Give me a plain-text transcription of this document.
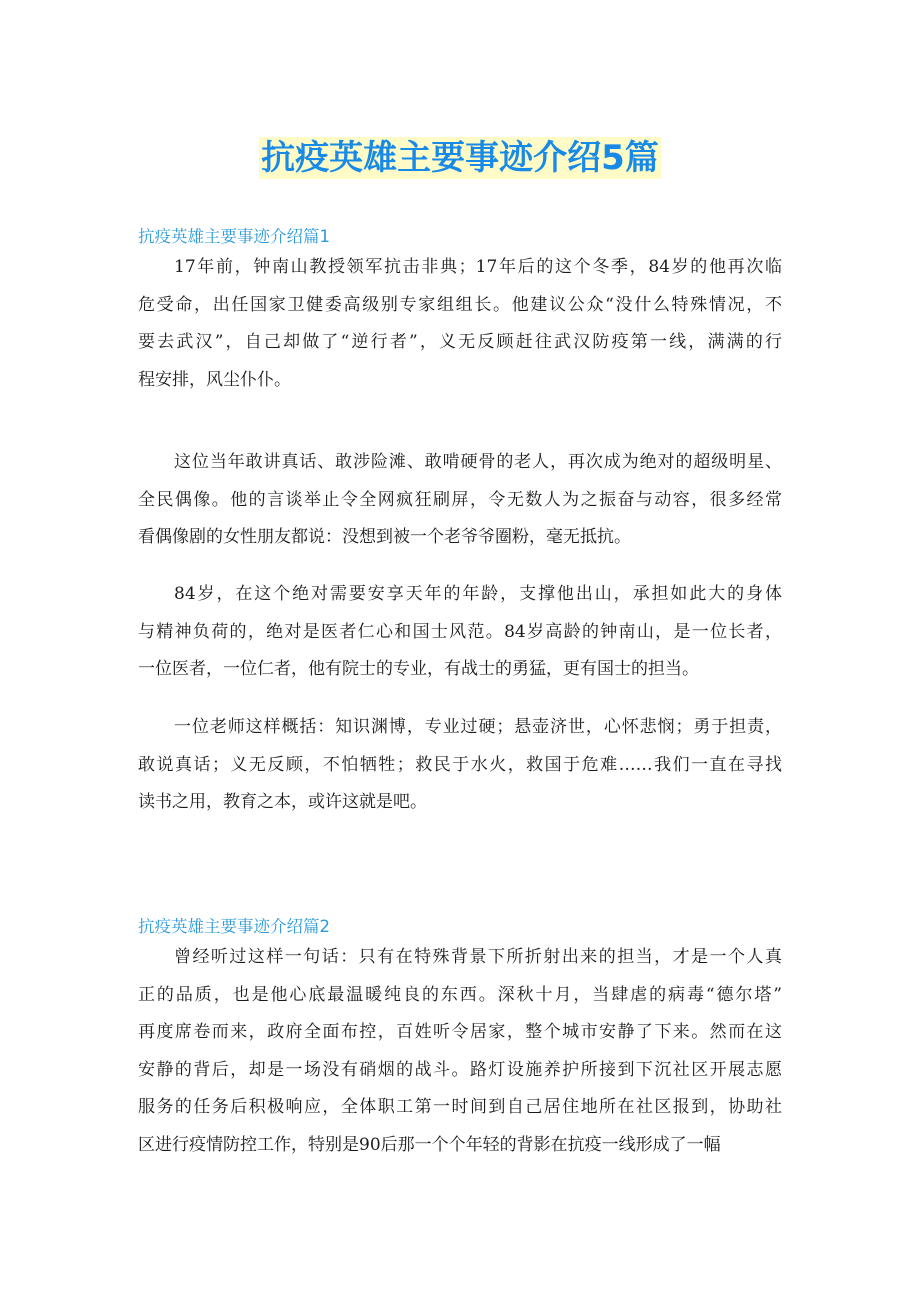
抗疫英雄主要事迹介绍5篇
抗疫英雄主要事迹介绍篇1
17年前，钟南山教授领军抗击非典；17年后的这个冬季，84岁的他再次临
危受命，出任国家卫健委高级别专家组组长。他建议公众“没什么特殊情况，不
要去武汉”，自己却做了“逆行者”，义无反顾赶往武汉防疫第一线，满满的行
程安排，风尘仆仆。
这位当年敢讲真话、敢涉险滩、敢啃硬骨的老人，再次成为绝对的超级明星、
全民偶像。他的言谈举止令全网疯狂刷屏，令无数人为之振奋与动容，很多经常
看偶像剧的女性朋友都说：没想到被一个老爷爷圈粉，毫无抵抗。
84岁，在这个绝对需要安享天年的年龄，支撑他出山，承担如此大的身体
与精神负荷的，绝对是医者仁心和国士风范。84岁高龄的钟南山，是一位长者，
一位医者，一位仁者，他有院士的专业，有战士的勇猛，更有国士的担当。
一位老师这样概括：知识渊博，专业过硬；悬壶济世，心怀悲悯；勇于担责，
敢说真话；义无反顾，不怕牺牲；救民于水火，救国于危难……我们一直在寻找
读书之用，教育之本，或许这就是吧。
抗疫英雄主要事迹介绍篇2
曾经听过这样一句话：只有在特殊背景下所折射出来的担当，才是一个人真
正的品质，也是他心底最温暖纯良的东西。深秋十月，当肆虐的病毒“德尔塔”
再度席卷而来，政府全面布控，百姓听令居家，整个城市安静了下来。然而在这
安静的背后，却是一场没有硝烟的战斗。路灯设施养护所接到下沉社区开展志愿
服务的任务后积极响应，全体职工第一时间到自己居住地所在社区报到，协助社
区进行疫情防控工作，特别是90后那一个个年轻的背影在抗疫一线形成了一幅
